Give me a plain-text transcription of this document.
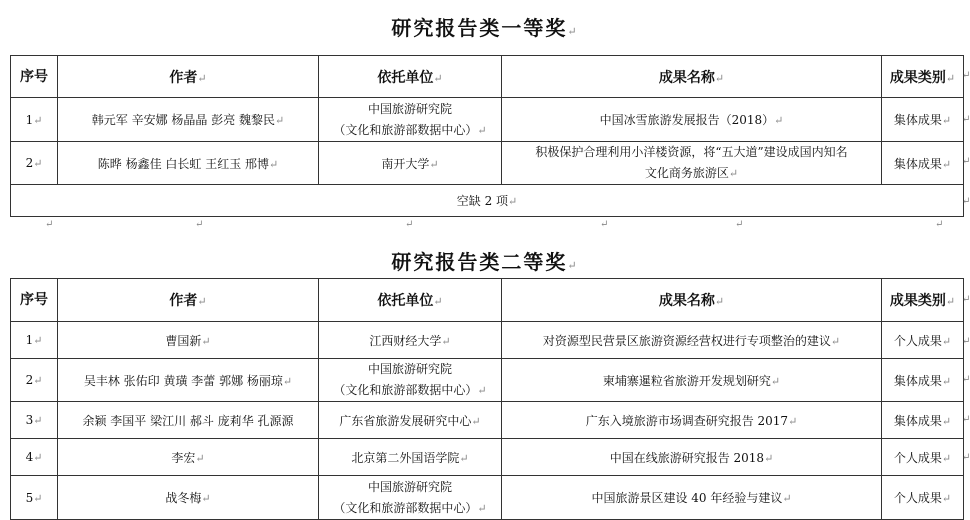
研究报告类一等奖↵
序号	作者↵	依托单位↵	成果名称↵	成果类别↵
1↵	韩元军 辛安娜 杨晶晶 彭亮 魏黎民↵	中国旅游研究院
（文化和旅游部数据中心）↵	中国冰雪旅游发展报告（2018）↵	集体成果↵
2↵	陈晔 杨鑫佳 白长虹 王红玉 邢博↵	南开大学↵	积极保护合理利用小洋楼资源，将“五大道”建设成国内知名
文化商务旅游区↵	集体成果↵
空缺 2 项↵				
↵	↵	↵	↵	↵	↵
研究报告类二等奖↵
序号	作者↵	依托单位↵	成果名称↵	成果类别↵
1↵	曹国新↵	江西财经大学↵	对资源型民营景区旅游资源经营权进行专项整治的建议↵	个人成果↵
2↵	吴丰林 张佑印 黄璜 李蕾 郭娜 杨丽琼↵	中国旅游研究院
（文化和旅游部数据中心）↵	柬埔寨暹粒省旅游开发规划研究↵	集体成果↵
3↵	余颖 李国平 梁江川 郝斗 庞莉华 孔源源	广东省旅游发展研究中心↵	广东入境旅游市场调查研究报告 2017↵	集体成果↵
4↵	李宏↵	北京第二外国语学院↵	中国在线旅游研究报告 2018↵	个人成果↵
5↵	战冬梅↵	中国旅游研究院
（文化和旅游部数据中心）↵	中国旅游景区建设 40 年经验与建议↵	个人成果↵
↵
↵
↵
↵
↵
↵
↵
↵
↵
